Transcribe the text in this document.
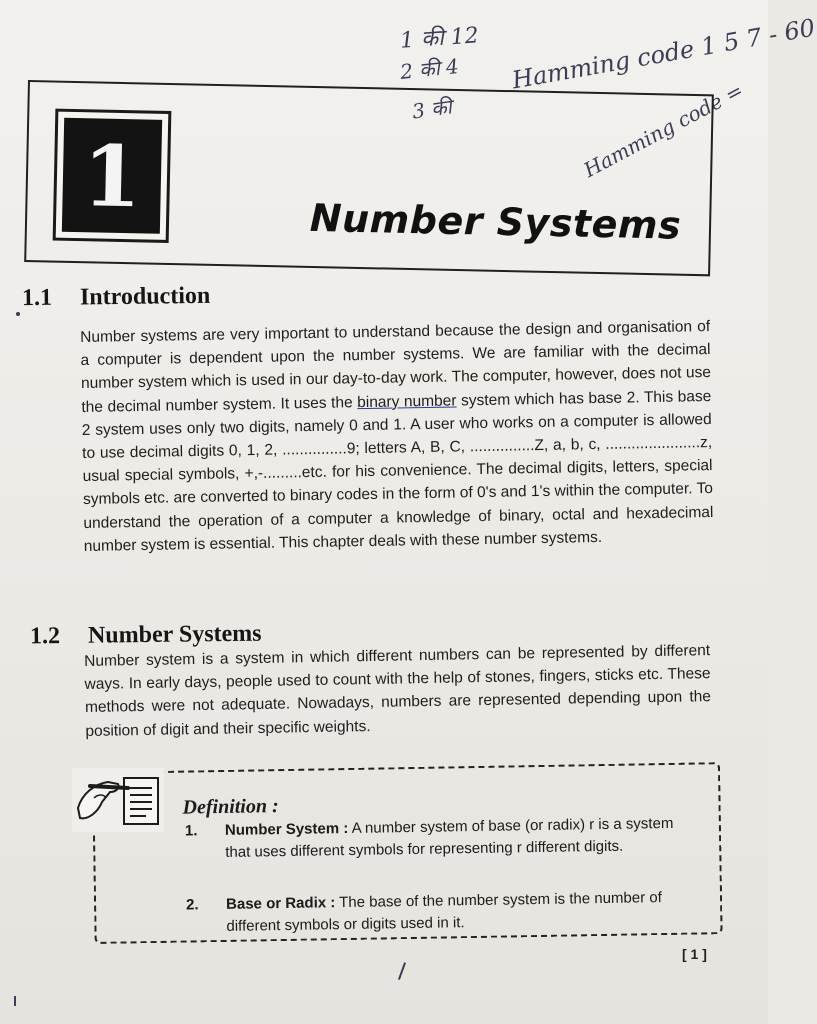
1 की 12
2 की 4
3 की
Hamming code 1 5 7 - 60
Hamming code =
1	Number Systems
1.1 Introduction
Number systems are very important to understand because the design and organisation of a computer is dependent upon the number systems. We are familiar with the decimal number system which is used in our day-to-day work. The computer, however, does not use the decimal number system. It uses the binary number system which has base 2. This base 2 system uses only two digits, namely 0 and 1. A user who works on a computer is allowed to use decimal digits 0, 1, 2, ...............9; letters A, B, C, ...............Z, a, b, c, ......................z, usual special symbols, +,-.........etc. for his convenience. The decimal digits, letters, special symbols etc. are converted to binary codes in the form of 0's and 1's within the computer. To understand the operation of a computer a knowledge of binary, octal and hexadecimal number system is essential. This chapter deals with these number systems.
1.2 Number Systems
Number system is a system in which different numbers can be represented by different ways. In early days, people used to count with the help of stones, fingers, sticks etc. These methods were not adequate. Nowadays, numbers are represented depending upon the position of digit and their specific weights.
Definition :
1. Number System : A number system of base (or radix) r is a system that uses different symbols for representing r different digits.
2. Base or Radix : The base of the number system is the number of different symbols or digits used in it.
[ 1 ]
